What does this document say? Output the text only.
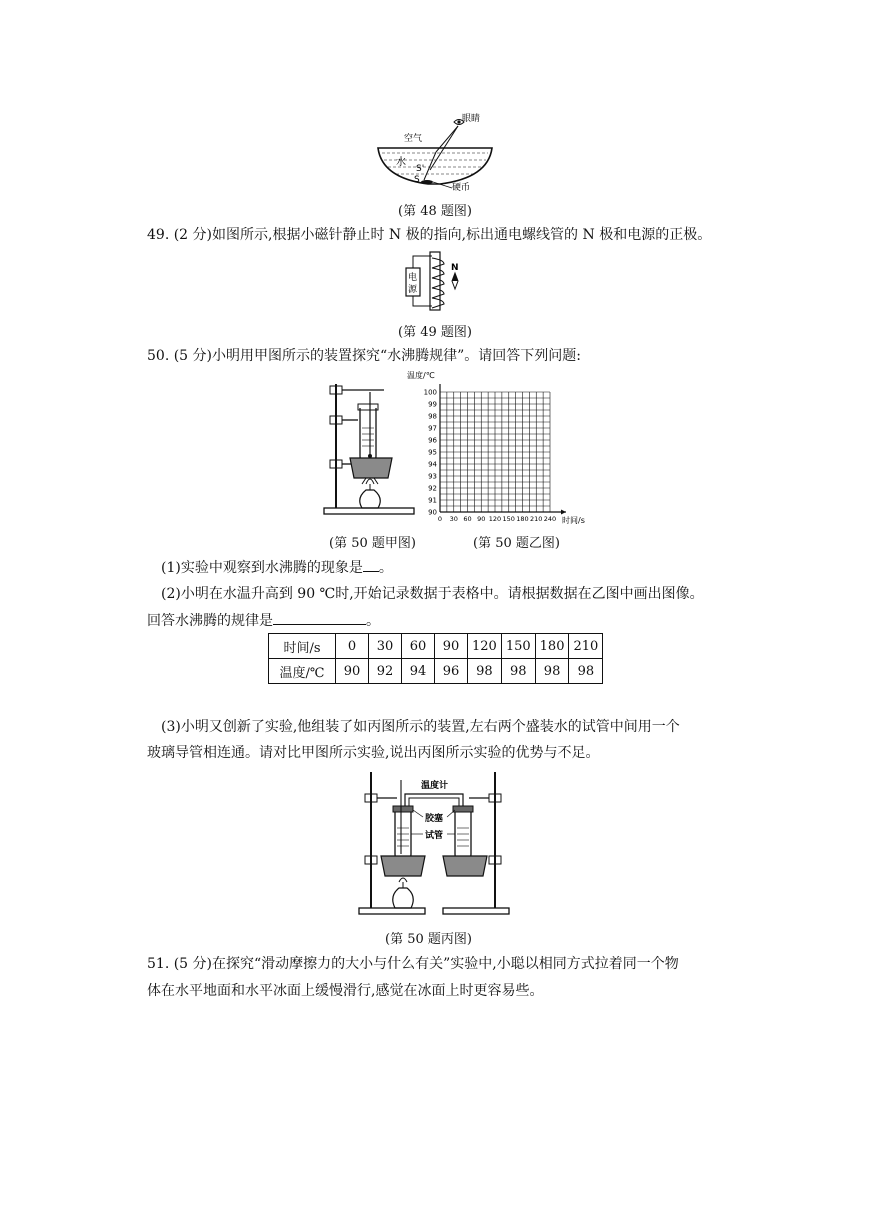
空气
眼睛
水
S'
S
硬币
(第 48 题图)
49. (2 分)如图所示,根据小磁针静止时 N 极的指向,标出通电螺线管的 N 极和电源的正极。
电
源
N
(第 49 题图)
50. (5 分)小明用甲图所示的装置探究“水沸腾规律”。请回答下列问题:
温度/℃
90
91
92
93
94
95
96
97
98
99
100
0 30 60 90 120 150 180 210 240 时间/s
(第 50 题甲图)	(第 50 题乙图)
(1)实验中观察到水沸腾的现象是 。
(2)小明在水温升高到 90 ℃时,开始记录数据于表格中。请根据数据在乙图中画出图像。
回答水沸腾的规律是	。
时间/s	0	30	60	90	120	150	180	210
温度/℃	90	92	94	96	98	98	98	98
(3)小明又创新了实验,他组装了如丙图所示的装置,左右两个盛装水的试管中间用一个
玻璃导管相连通。请对比甲图所示实验,说出丙图所示实验的优势与不足。
温度计
胶塞
试管
(第 50 题丙图)
51. (5 分)在探究“滑动摩擦力的大小与什么有关”实验中,小聪以相同方式拉着同一个物
体在水平地面和水平冰面上缓慢滑行,感觉在冰面上时更容易些。
